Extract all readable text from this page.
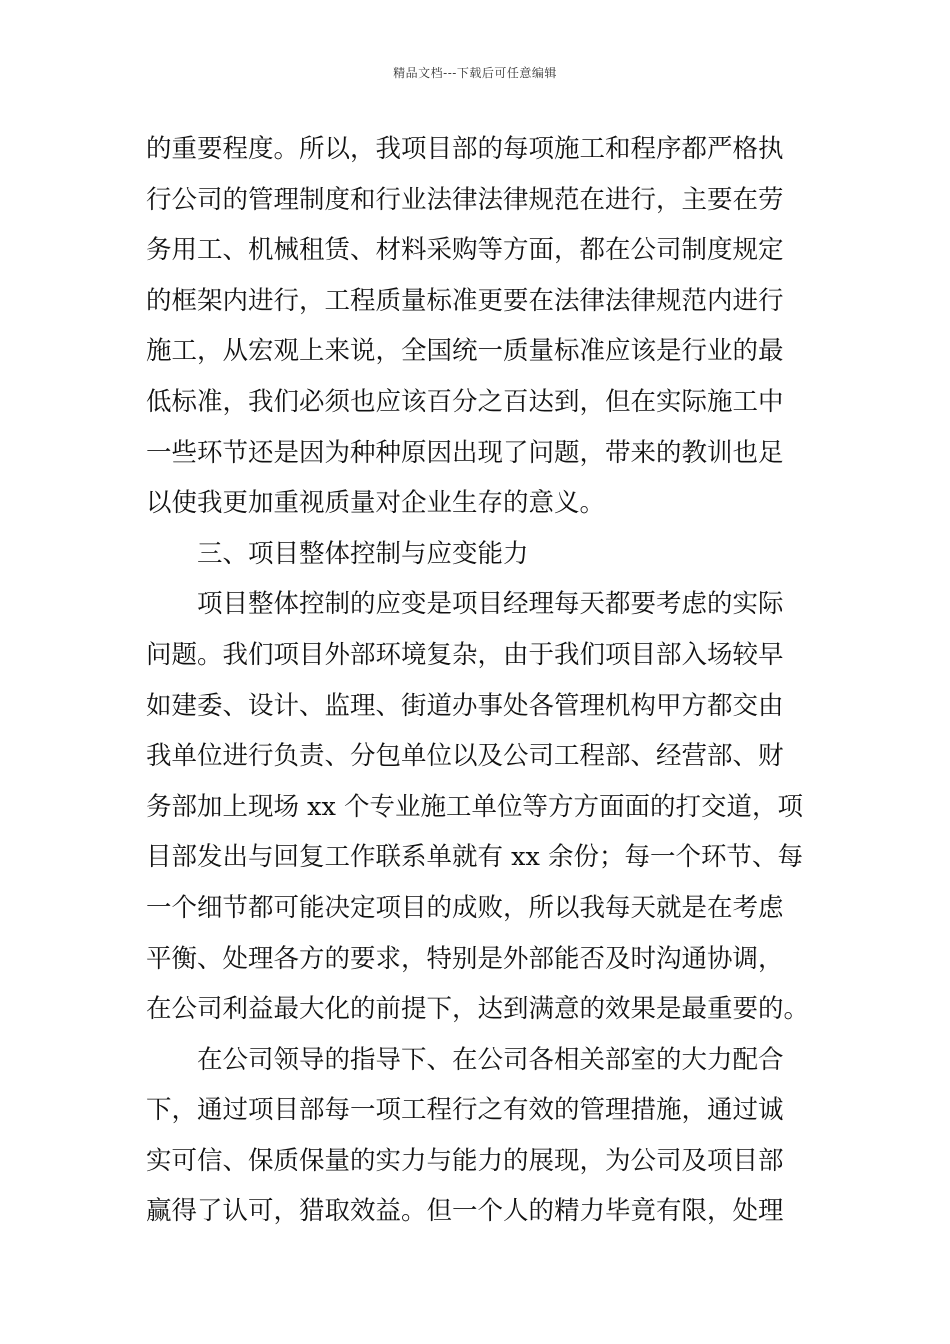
精品文档---下载后可任意编辑
的重要程度。所以，我项目部的每项施工和程序都严格执
行公司的管理制度和行业法律法律规范在进行，主要在劳
务用工、机械租赁、材料采购等方面，都在公司制度规定
的框架内进行，工程质量标准更要在法律法律规范内进行
施工，从宏观上来说，全国统一质量标准应该是行业的最
低标准，我们必须也应该百分之百达到，但在实际施工中
一些环节还是因为种种原因出现了问题，带来的教训也足
以使我更加重视质量对企业生存的意义。
三、项目整体控制与应变能力
项目整体控制的应变是项目经理每天都要考虑的实际
问题。我们项目外部环境复杂，由于我们项目部入场较早
如建委、设计、监理、街道办事处各管理机构甲方都交由
我单位进行负责、分包单位以及公司工程部、经营部、财
务部加上现场 xx 个专业施工单位等方方面面的打交道，项
目部发出与回复工作联系单就有 xx 余份；每一个环节、每
一个细节都可能决定项目的成败，所以我每天就是在考虑
平衡、处理各方的要求，特别是外部能否及时沟通协调，
在公司利益最大化的前提下，达到满意的效果是最重要的。
在公司领导的指导下、在公司各相关部室的大力配合
下，通过项目部每一项工程行之有效的管理措施，通过诚
实可信、保质保量的实力与能力的展现，为公司及项目部
赢得了认可，猎取效益。但一个人的精力毕竟有限，处理
